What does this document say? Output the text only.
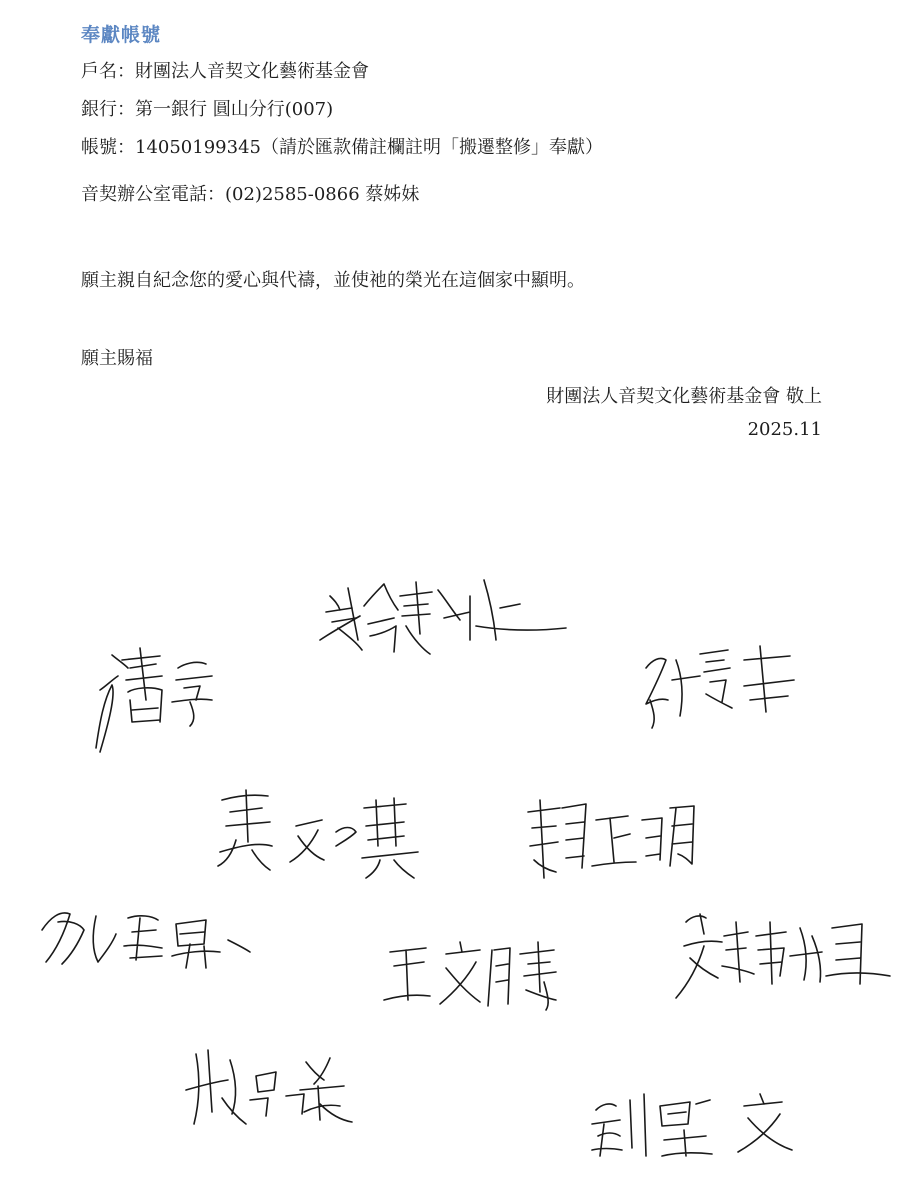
奉獻帳號
戶名：財團法人音契文化藝術基金會
銀行：第一銀行 圓山分行(007)
帳號：14050199345（請於匯款備註欄註明「搬遷整修」奉獻）
音契辦公室電話：(02)2585-0866 蔡姊妹
願主親自紀念您的愛心與代禱，並使祂的榮光在這個家中顯明。
願主賜福
財團法人音契文化藝術基金會 敬上
2025.11
